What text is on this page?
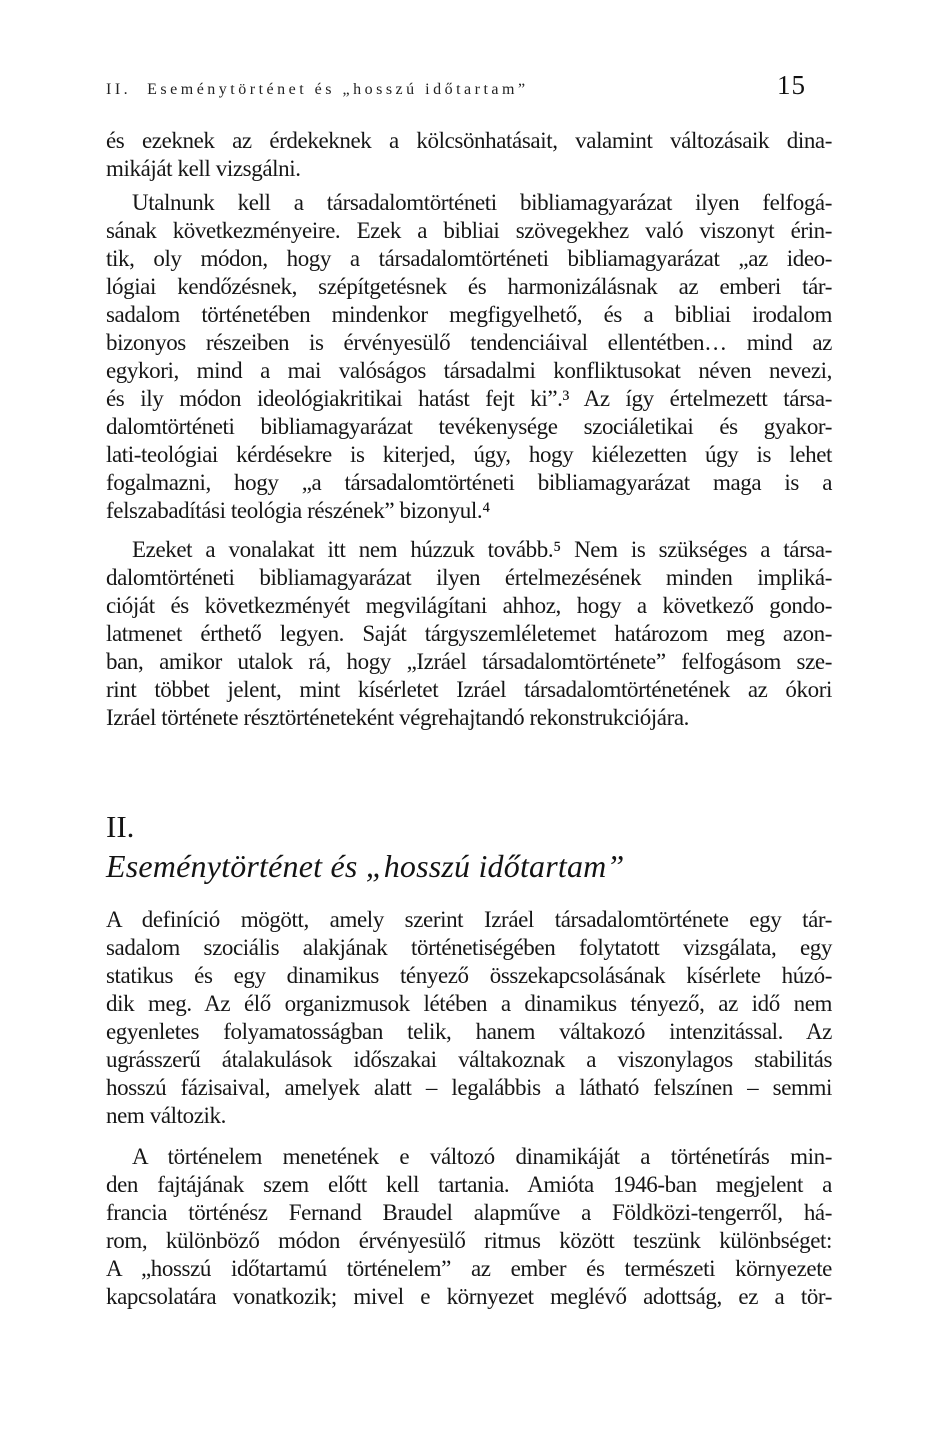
II. Eseménytörténet és „hosszú időtartam”	15
és ezeknek az érdekeknek a kölcsönhatásait, valamint változásaik dina-
mikáját kell vizsgálni.
Utalnunk kell a társadalomtörténeti bibliamagyarázat ilyen felfogá-
sának következményeire. Ezek a bibliai szövegekhez való viszonyt érin-
tik, oly módon, hogy a társadalomtörténeti bibliamagyarázat „az ideo-
lógiai kendőzésnek, szépítgetésnek és harmonizálásnak az emberi tár-
sadalom történetében mindenkor megfigyelhető, és a bibliai irodalom
bizonyos részeiben is érvényesülő tendenciáival ellentétben… mind az
egykori, mind a mai valóságos társadalmi konfliktusokat néven nevezi,
és ily módon ideológiakritikai hatást fejt ki”.³ Az így értelmezett társa-
dalomtörténeti bibliamagyarázat tevékenysége szociáletikai és gyakor-
lati-teológiai kérdésekre is kiterjed, úgy, hogy kiélezetten úgy is lehet
fogalmazni, hogy „a társadalomtörténeti bibliamagyarázat maga is a
felszabadítási teológia részének” bizonyul.⁴
Ezeket a vonalakat itt nem húzzuk tovább.⁵ Nem is szükséges a társa-
dalomtörténeti bibliamagyarázat ilyen értelmezésének minden impliká-
cióját és következményét megvilágítani ahhoz, hogy a következő gondo-
latmenet érthető legyen. Saját tárgyszemléletemet határozom meg azon-
ban, amikor utalok rá, hogy „Izráel társadalomtörténete” felfogásom sze-
rint többet jelent, mint kísérletet Izráel társadalomtörténetének az ókori
Izráel története résztörténeteként végrehajtandó rekonstrukciójára.
II.
Eseménytörténet és „hosszú időtartam”
A definíció mögött, amely szerint Izráel társadalomtörténete egy tár-
sadalom szociális alakjának történetiségében folytatott vizsgálata, egy
statikus és egy dinamikus tényező összekapcsolásának kísérlete húzó-
dik meg. Az élő organizmusok létében a dinamikus tényező, az idő nem
egyenletes folyamatosságban telik, hanem váltakozó intenzitással. Az
ugrásszerű átalakulások időszakai váltakoznak a viszonylagos stabilitás
hosszú fázisaival, amelyek alatt – legalábbis a látható felszínen – semmi
nem változik.
A történelem menetének e változó dinamikáját a történetírás min-
den fajtájának szem előtt kell tartania. Amióta 1946-ban megjelent a
francia történész Fernand Braudel alapműve a Földközi-tengerről, há-
rom, különböző módon érvényesülő ritmus között teszünk különbséget:
A „hosszú időtartamú történelem” az ember és természeti környezete
kapcsolatára vonatkozik; mivel e környezet meglévő adottság, ez a tör-
